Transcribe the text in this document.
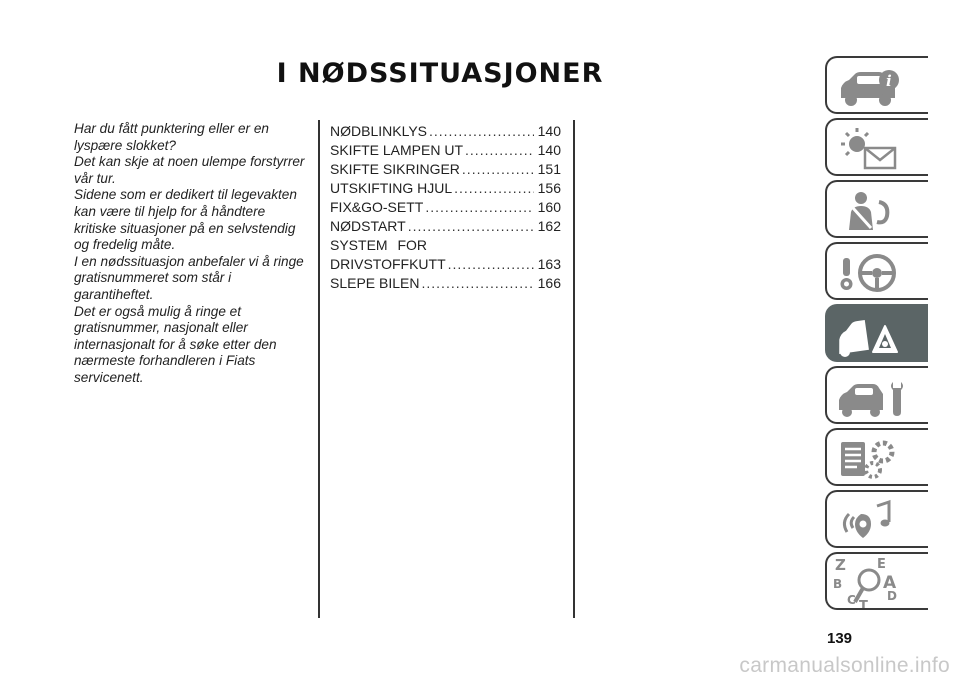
I NØDSSITUASJONER

Har du fått punktering eller er en lyspære slokket?

Det kan skje at noen ulempe forstyrrer vår tur.

Sidene som er dedikert til legevakten kan være til hjelp for å håndtere kritiske situasjoner på en selvstendig og fredelig måte.

I en nødssituasjon anbefaler vi å ringe gratisnummeret som står i garantiheftet.

Det er også mulig å ringe et gratisnummer, nasjonalt eller internasjonalt for å søke etter den nærmeste forhandleren i Fiats servicenett.

NØDBLINKLYS .....	140
SKIFTE LAMPEN UT .....	140
SKIFTE SIKRINGER .....	151
UTSKIFTING HJUL .....	156
FIX&GO-SETT .....	160
NØDSTART .....	162
SYSTEM FOR
DRIVSTOFFKUTT .....	163
SLEPE BILEN .....	166
i
Z E
B A
C T
D
139
carmanualsonline.info
